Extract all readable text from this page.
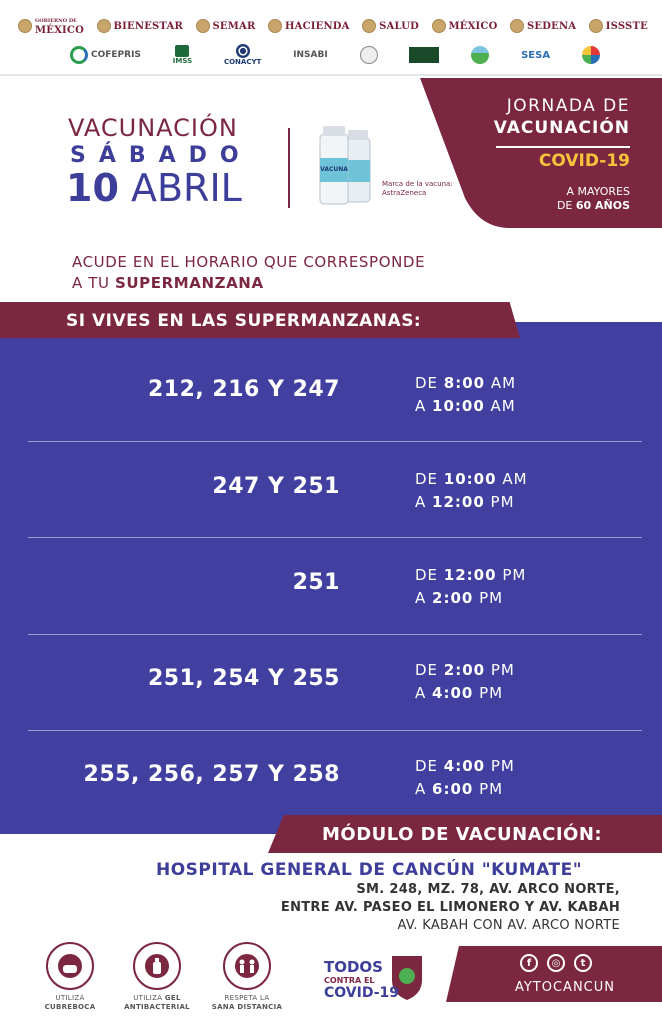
GOBIERNO DE
MÉXICO	BIENESTAR	SEMAR	HACIENDA	SALUD	MÉXICO	SEDENA	ISSSTE
COFEPRIS
IMSS	CONACYT
INSABI	SESA
VACUNACIÓN
SÁBADO
10 ABRIL	VACUNA
Marca de la vacuna:
AstraZeneca
JORNADA DE
VACUNACIÓN
COVID-19
A MAYORES
DE 60 AÑOS
ACUDE EN EL HORARIO QUE CORRESPONDE
A TU SUPERMANZANA
SI VIVES EN LAS SUPERMANZANAS:
212, 216 Y 247	DE 8:00 AM
A 10:00 AM
247 Y 251	DE 10:00 AM
A 12:00 PM
251	DE 12:00 PM
A 2:00 PM
251, 254 Y 255	DE 2:00 PM
A 4:00 PM
255, 256, 257 Y 258	DE 4:00 PM
A 6:00 PM
MÓDULO DE VACUNACIÓN:
HOSPITAL GENERAL DE CANCÚN "KUMATE"
SM. 248, MZ. 78, AV. ARCO NORTE,
ENTRE AV. PASEO EL LIMONERO Y AV. KABAH
AV. KABAH CON AV. ARCO NORTE
UTILIZA
CUBREBOCA
UTILIZA GEL ANTIBACTERIAL
RESPETA LA
SANA DISTANCIA
TODOS
CONTRA EL
COVID-19
f	◎	t
AYTOCANCUN
